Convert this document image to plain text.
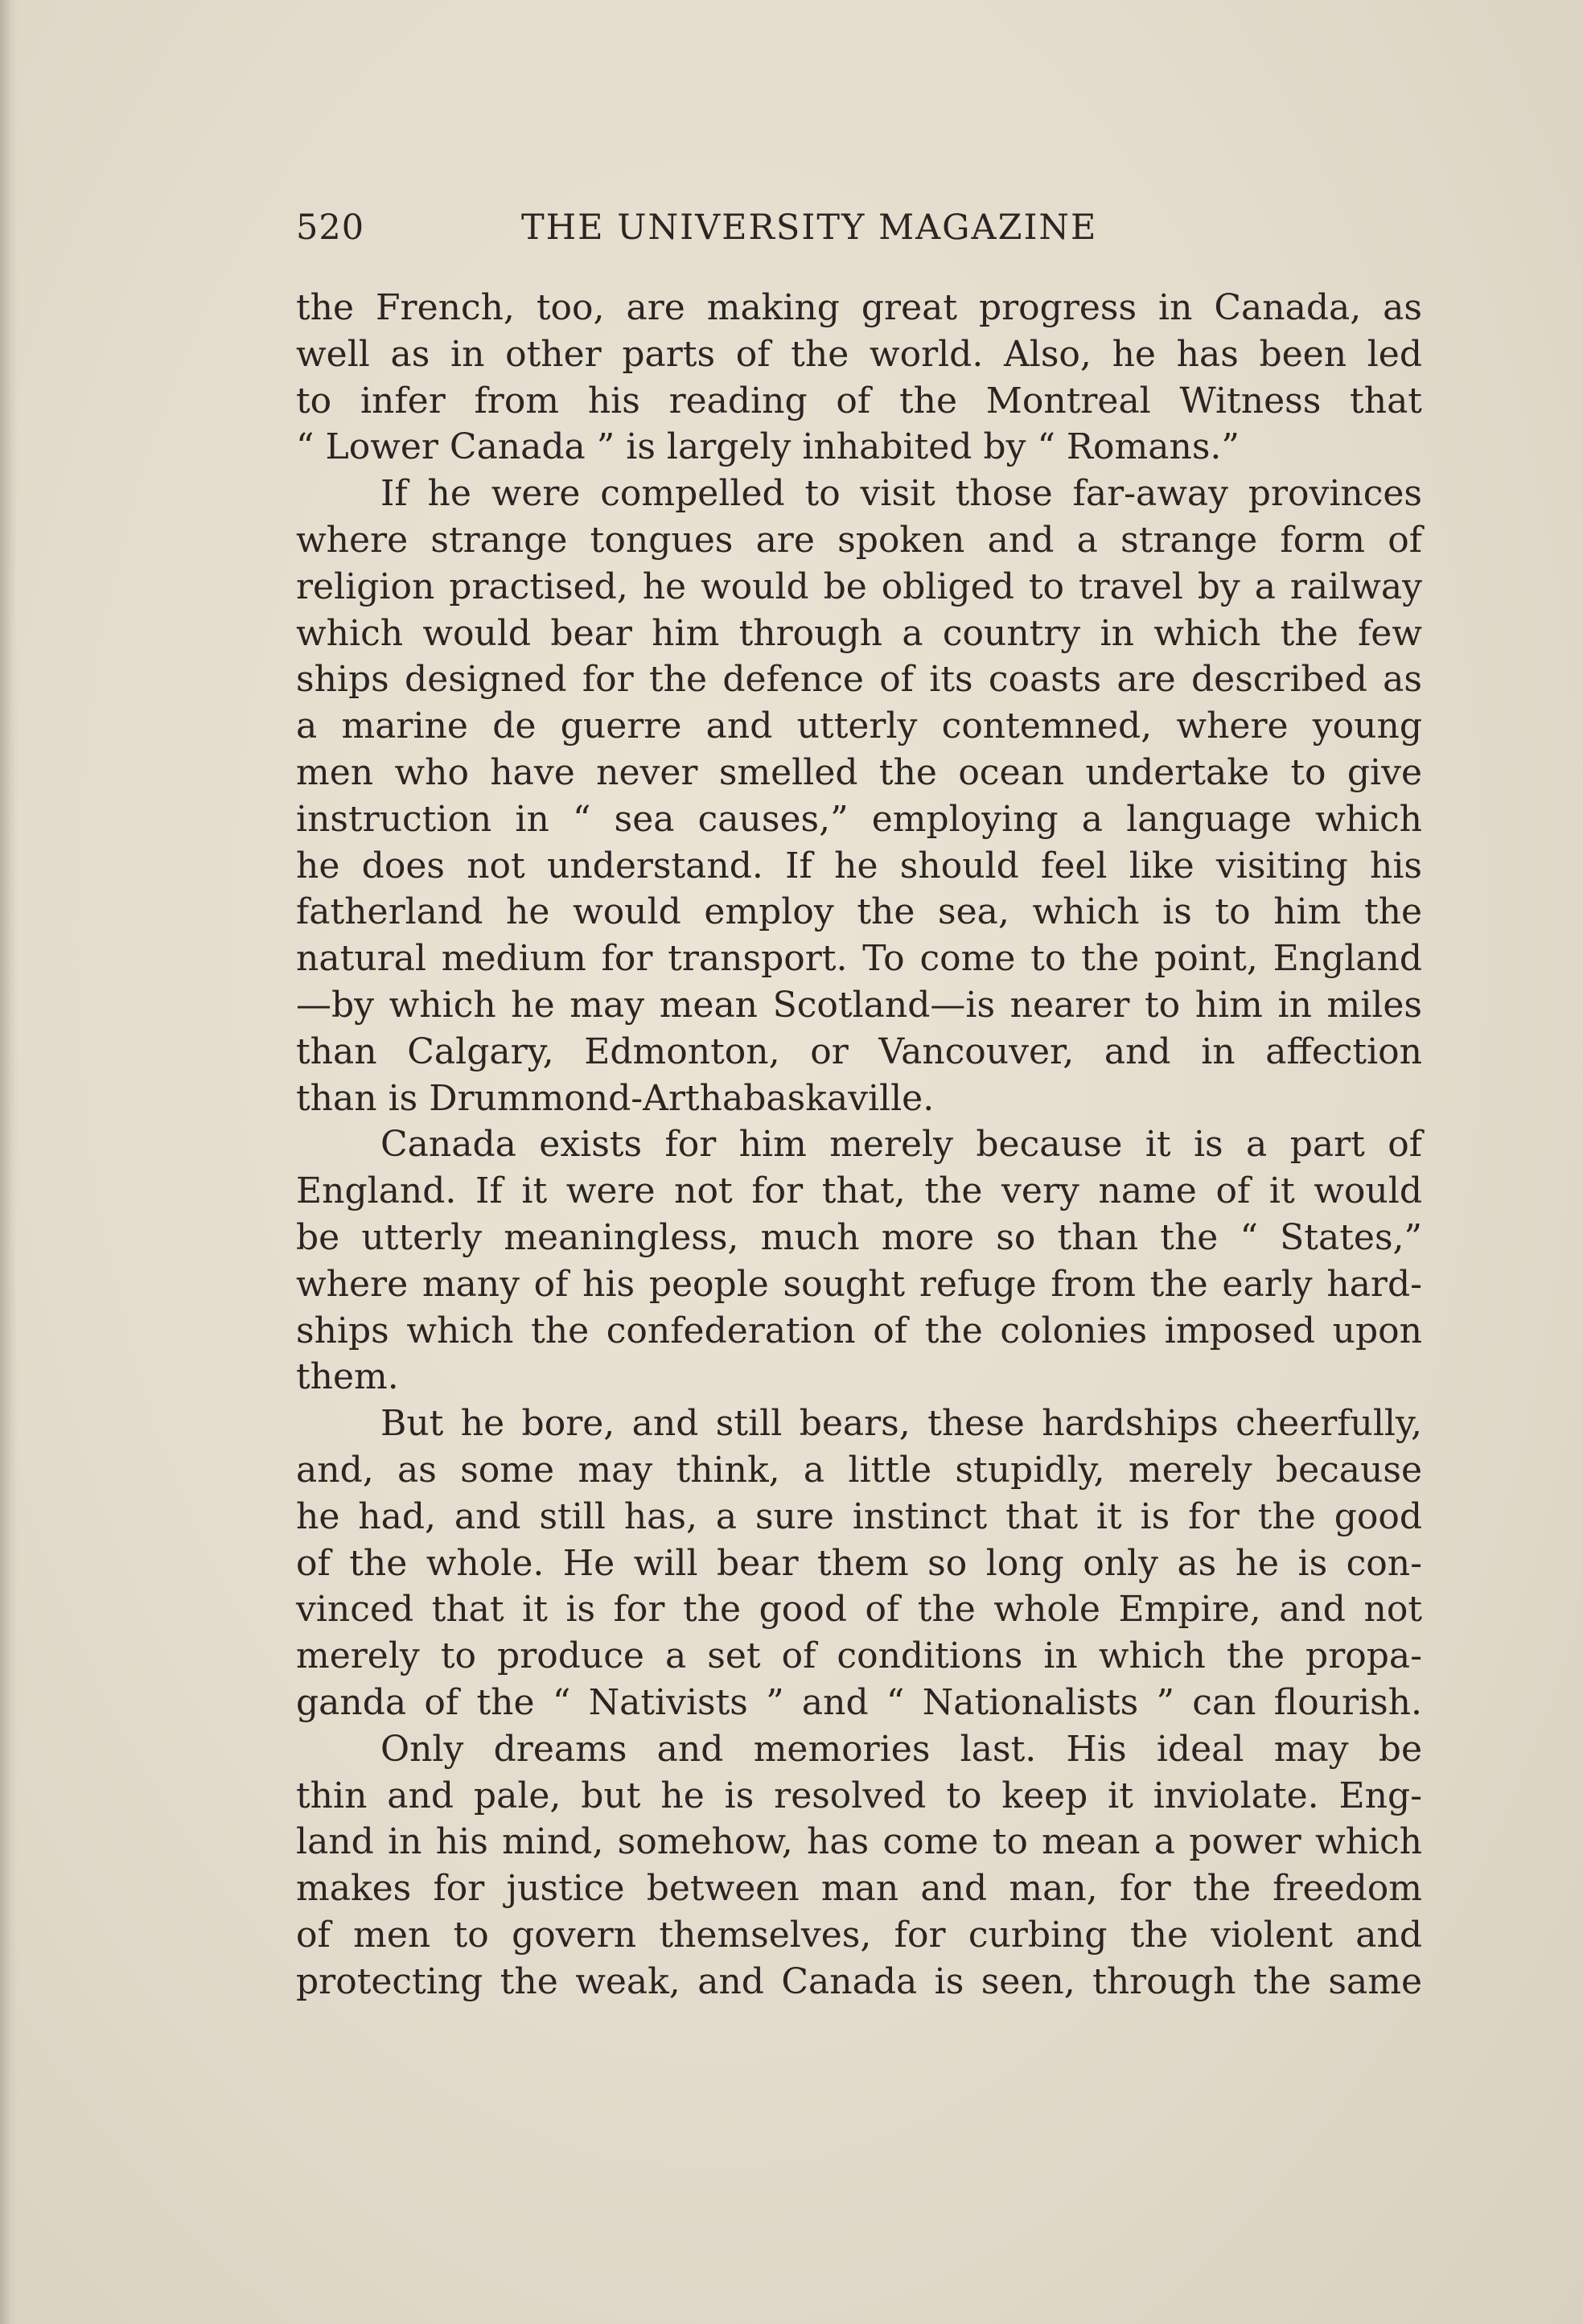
520	THE UNIVERSITY MAGAZINE
the French, too, are making great progress in Canada, as
well as in other parts of the world. Also, he has been led
to infer from his reading of the Montreal Witness that
“ Lower Canada ” is largely inhabited by “ Romans.”
If he were compelled to visit those far-away provinces
where strange tongues are spoken and a strange form of
religion practised, he would be obliged to travel by a railway
which would bear him through a country in which the few
ships designed for the defence of its coasts are described as
a marine de guerre and utterly contemned, where young
men who have never smelled the ocean undertake to give
instruction in “ sea causes,” employing a language which
he does not understand. If he should feel like visiting his
fatherland he would employ the sea, which is to him the
natural medium for transport. To come to the point, England
—by which he may mean Scotland—is nearer to him in miles
than Calgary, Edmonton, or Vancouver, and in affection
than is Drummond-Arthabaskaville.
Canada exists for him merely because it is a part of
England. If it were not for that, the very name of it would
be utterly meaningless, much more so than the “ States,”
where many of his people sought refuge from the early hard-
ships which the confederation of the colonies imposed upon
them.
But he bore, and still bears, these hardships cheerfully,
and, as some may think, a little stupidly, merely because
he had, and still has, a sure instinct that it is for the good
of the whole. He will bear them so long only as he is con-
vinced that it is for the good of the whole Empire, and not
merely to produce a set of conditions in which the propa-
ganda of the “ Nativists ” and “ Nationalists ” can flourish.
Only dreams and memories last. His ideal may be
thin and pale, but he is resolved to keep it inviolate. Eng-
land in his mind, somehow, has come to mean a power which
makes for justice between man and man, for the freedom
of men to govern themselves, for curbing the violent and
protecting the weak, and Canada is seen, through the same
